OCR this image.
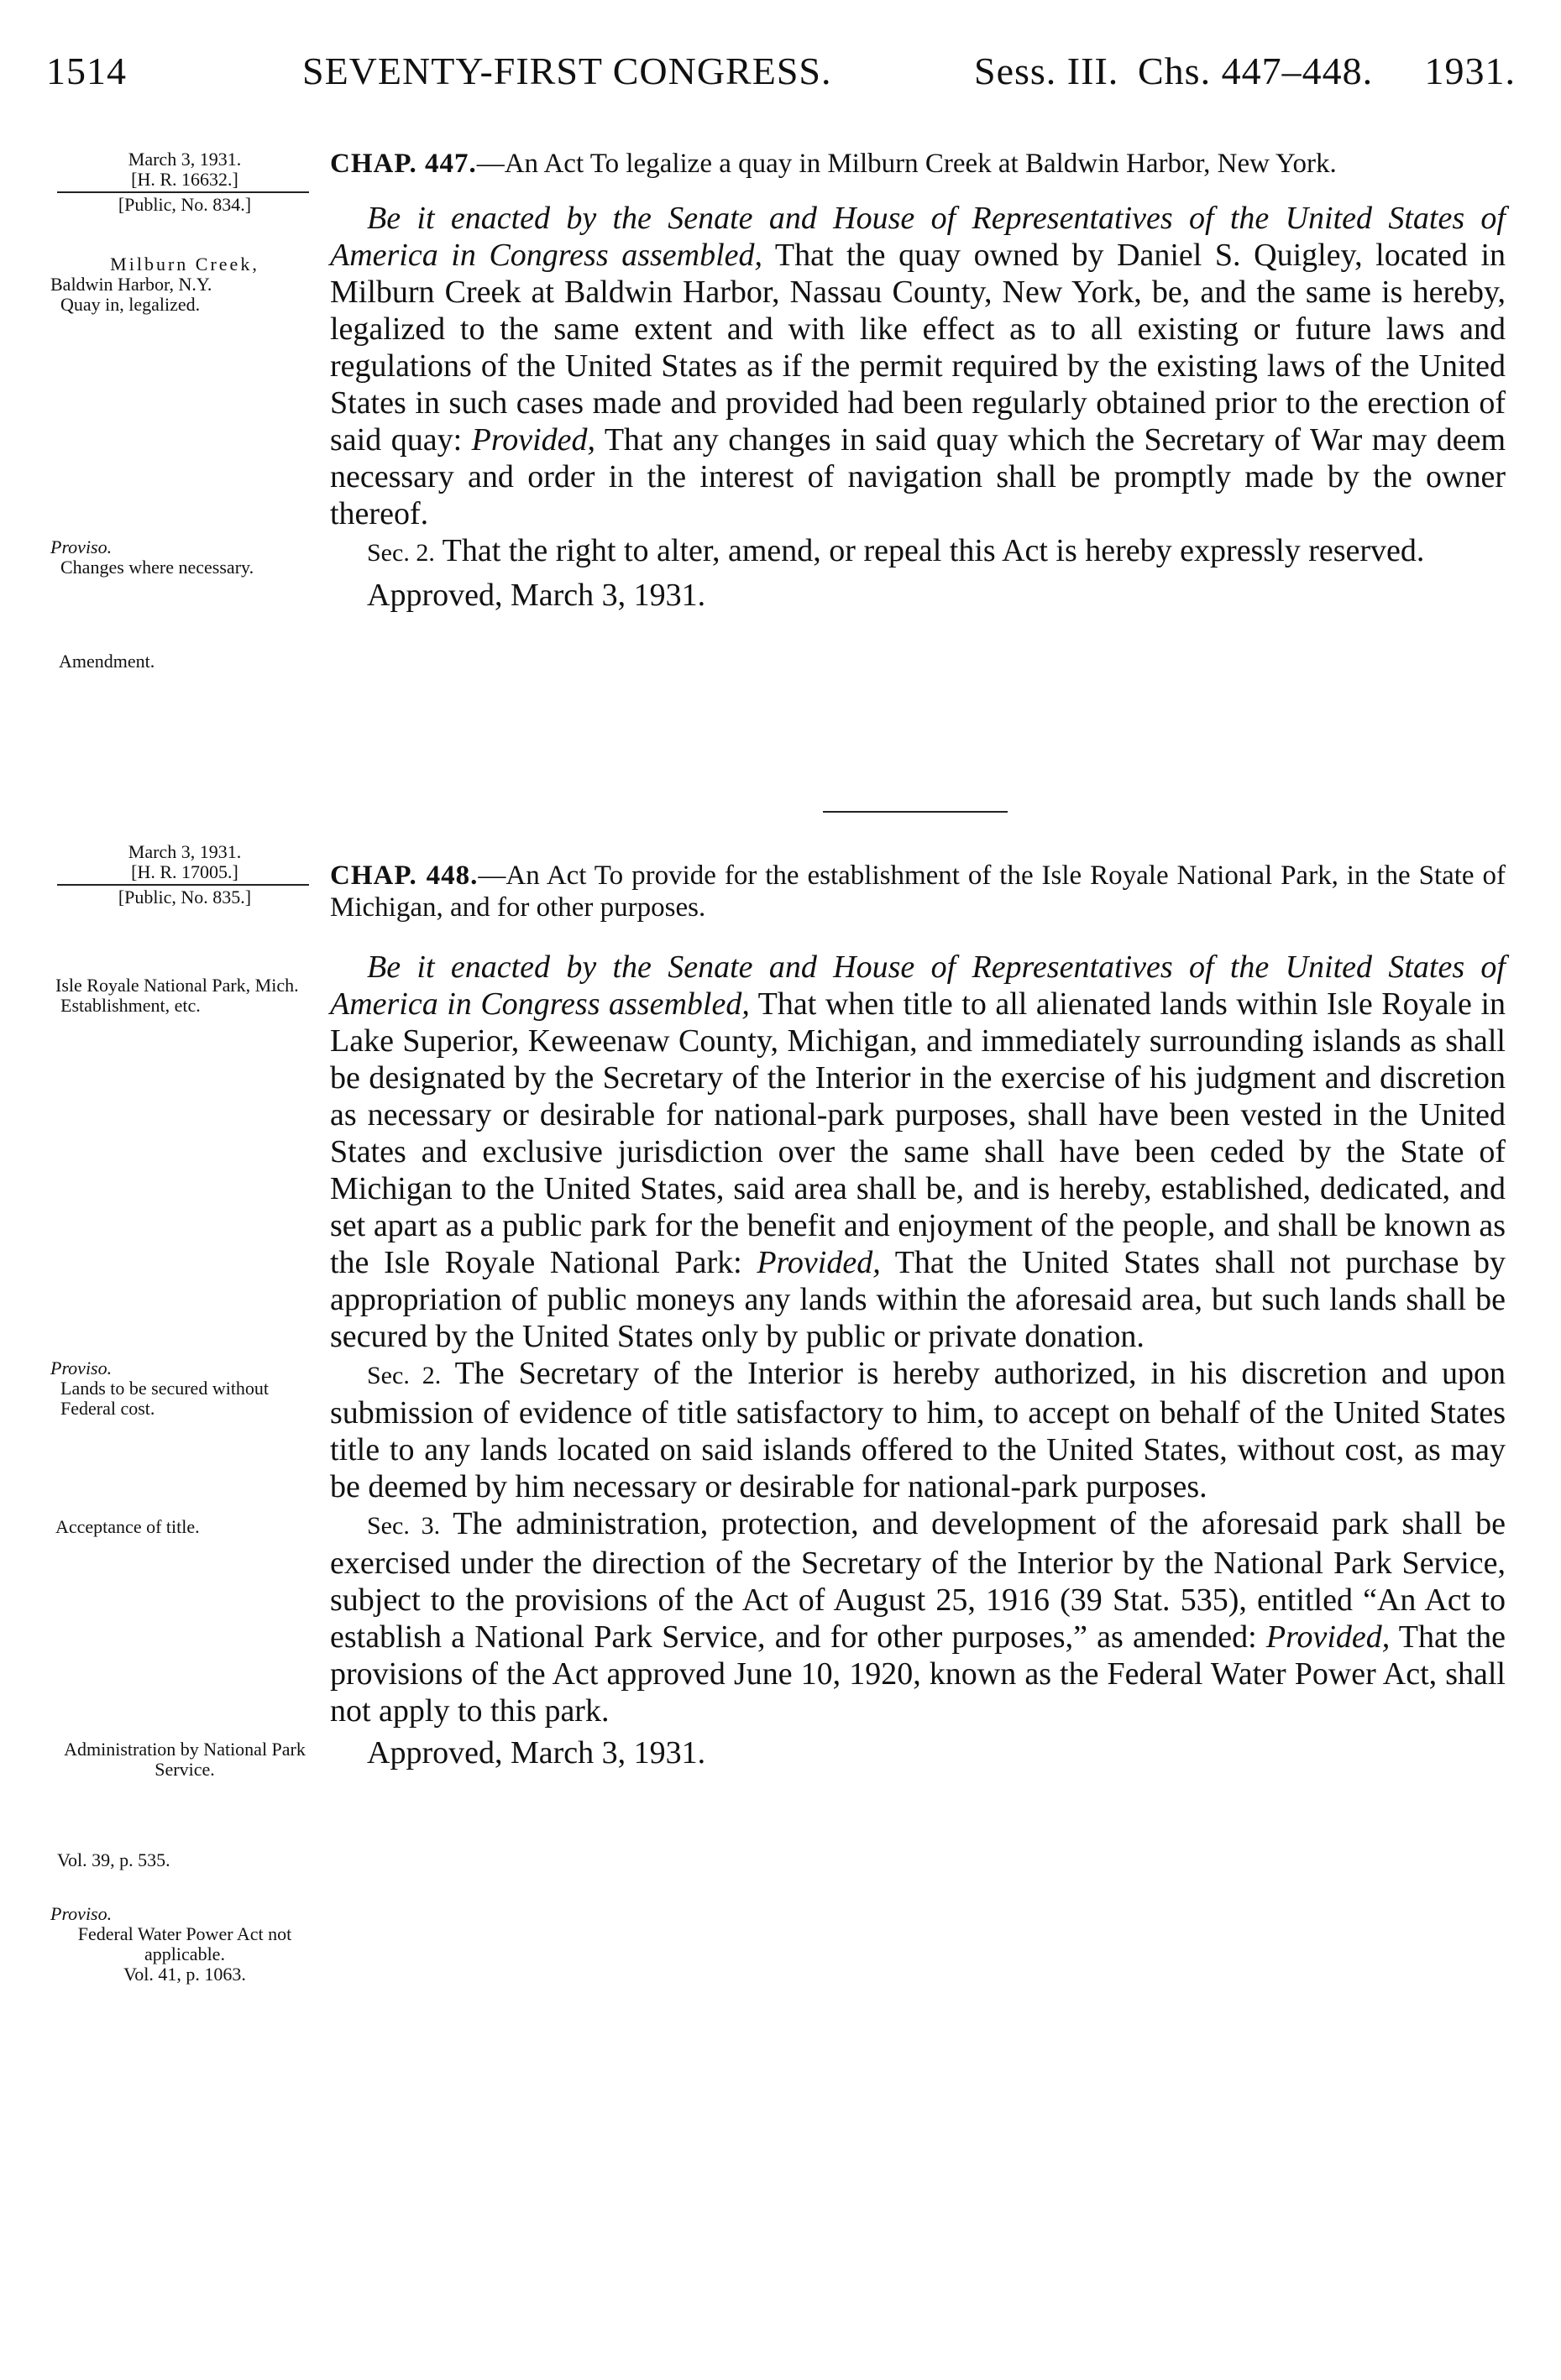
1514	SEVENTY-FIRST CONGRESS.	Sess. III. Chs. 447–448. 1931.
March 3, 1931.
[H. R. 16632.]
[Public, No. 834.]
Milburn Creek,
Baldwin Harbor, N.Y.
Quay in, legalized.
Proviso.
Changes where necessary.
Amendment.

CHAP. 447.—An Act To legalize a quay in Milburn Creek at Baldwin Harbor, New York.

Be it enacted by the Senate and House of Representatives of the United States of America in Congress assembled, That the quay owned by Daniel S. Quigley, located in Milburn Creek at Baldwin Harbor, Nassau County, New York, be, and the same is hereby, legalized to the same extent and with like effect as to all existing or future laws and regulations of the United States as if the permit required by the existing laws of the United States in such cases made and provided had been regularly obtained prior to the erection of said quay: Provided, That any changes in said quay which the Secretary of War may deem necessary and order in the interest of navigation shall be promptly made by the owner thereof.

Sec. 2. That the right to alter, amend, or repeal this Act is hereby expressly reserved.

Approved, March 3, 1931.

March 3, 1931.
[H. R. 17005.]
[Public, No. 835.]
Isle Royale National Park, Mich.
Establishment, etc.
Proviso.
Lands to be secured without Federal cost.
Acceptance of title.
Administration by National Park Service.
Vol. 39, p. 535.
Proviso.
Federal Water Power Act not applicable.
Vol. 41, p. 1063.

CHAP. 448.—An Act To provide for the establishment of the Isle Royale National Park, in the State of Michigan, and for other purposes.

Be it enacted by the Senate and House of Representatives of the United States of America in Congress assembled, That when title to all alienated lands within Isle Royale in Lake Superior, Keweenaw County, Michigan, and immediately surrounding islands as shall be designated by the Secretary of the Interior in the exercise of his judgment and discretion as necessary or desirable for national-park purposes, shall have been vested in the United States and exclusive jurisdiction over the same shall have been ceded by the State of Michigan to the United States, said area shall be, and is hereby, established, dedicated, and set apart as a public park for the benefit and enjoyment of the people, and shall be known as the Isle Royale National Park: Provided, That the United States shall not purchase by appropriation of public moneys any lands within the aforesaid area, but such lands shall be secured by the United States only by public or private donation.

Sec. 2. The Secretary of the Interior is hereby authorized, in his discretion and upon submission of evidence of title satisfactory to him, to accept on behalf of the United States title to any lands located on said islands offered to the United States, without cost, as may be deemed by him necessary or desirable for national-park purposes.

Sec. 3. The administration, protection, and development of the aforesaid park shall be exercised under the direction of the Secretary of the Interior by the National Park Service, subject to the provisions of the Act of August 25, 1916 (39 Stat. 535), entitled “An Act to establish a National Park Service, and for other purposes,” as amended: Provided, That the provisions of the Act approved June 10, 1920, known as the Federal Water Power Act, shall not apply to this park.

Approved, March 3, 1931.
